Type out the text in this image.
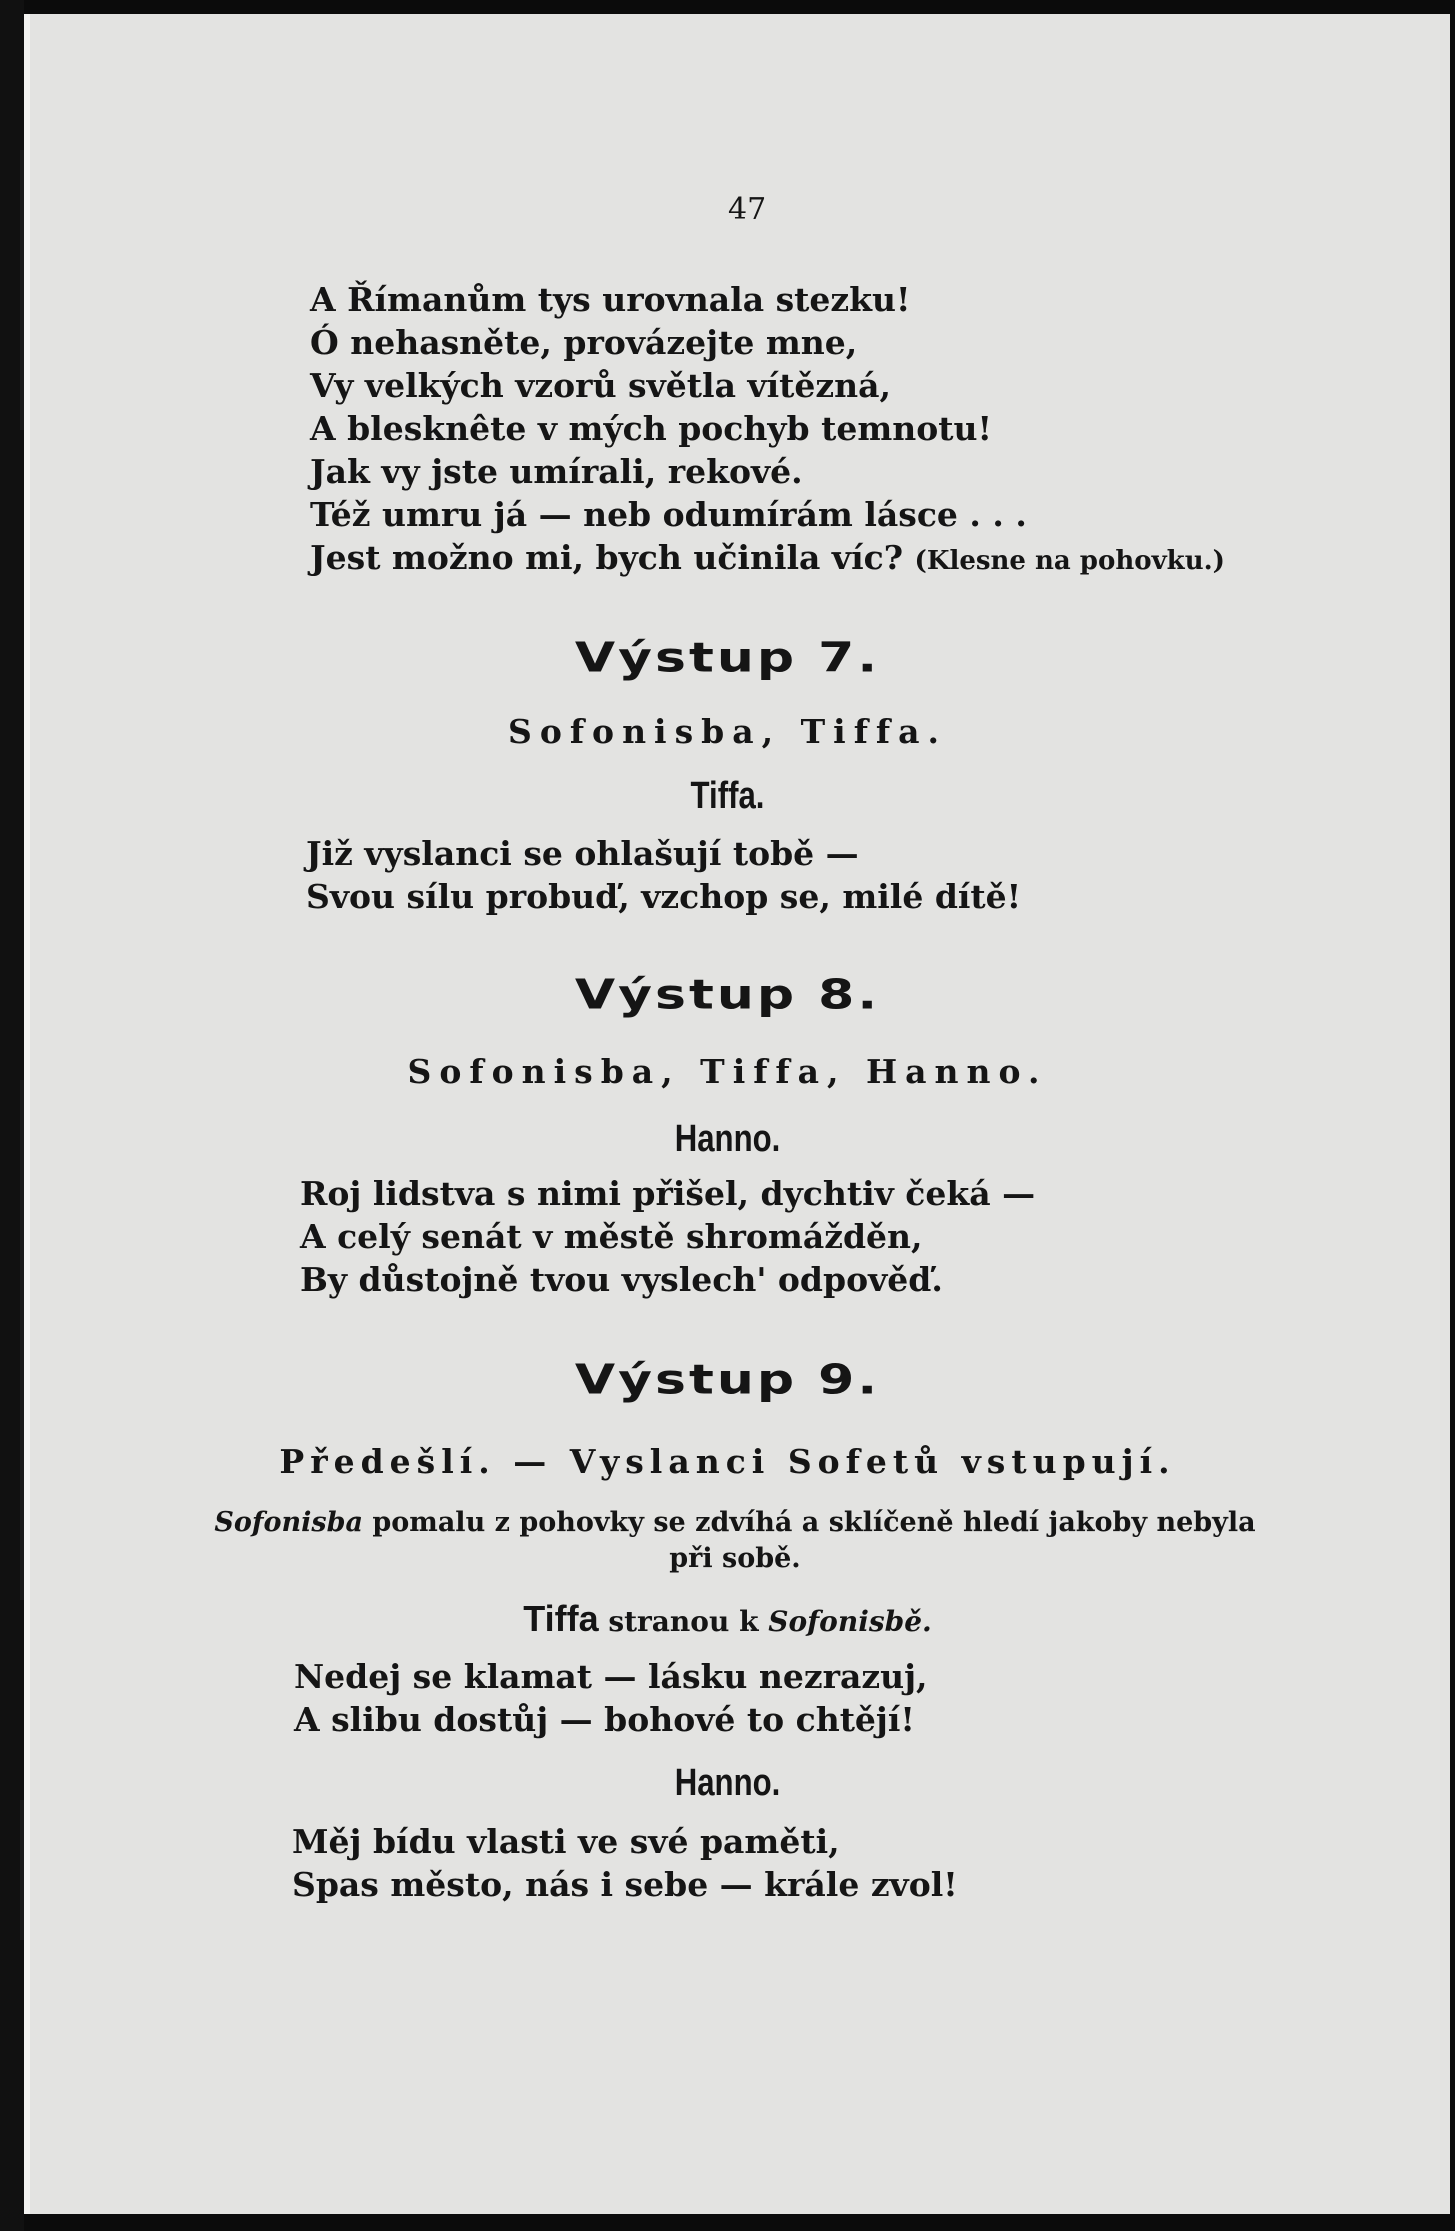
47
A Římanům tys urovnala stezku!
Ó nehasněte, provázejte mne,
Vy velkých vzorů světla vítězná,
A blesknête v mých pochyb temnotu!
Jak vy jste umírali, rekové.
Též umru já — neb odumírám lásce . . .
Jest možno mi, bych učinila víc? (Klesne na pohovku.)
Výstup 7.
Sofonisba, Tiffa.
Tiffa.
Již vyslanci se ohlašují tobě —
Svou sílu probuď, vzchop se, milé dítě!
Výstup 8.
Sofonisba, Tiffa, Hanno.
Hanno.
Roj lidstva s nimi přišel, dychtiv čeká —
A celý senát v městě shromážděn,
By důstojně tvou vyslech' odpověď.
Výstup 9.
Předešlí. — Vyslanci Sofetů vstupují.
Sofonisba pomalu z pohovky se zdvíhá a sklíčeně hledí jakoby nebyla při sobě.
Tiffa stranou k Sofonisbě.
Nedej se klamat — lásku nezrazuj,
A slibu dostůj — bohové to chtějí!
Hanno.
Měj bídu vlasti ve své paměti,
Spas město, nás i sebe — krále zvol!
